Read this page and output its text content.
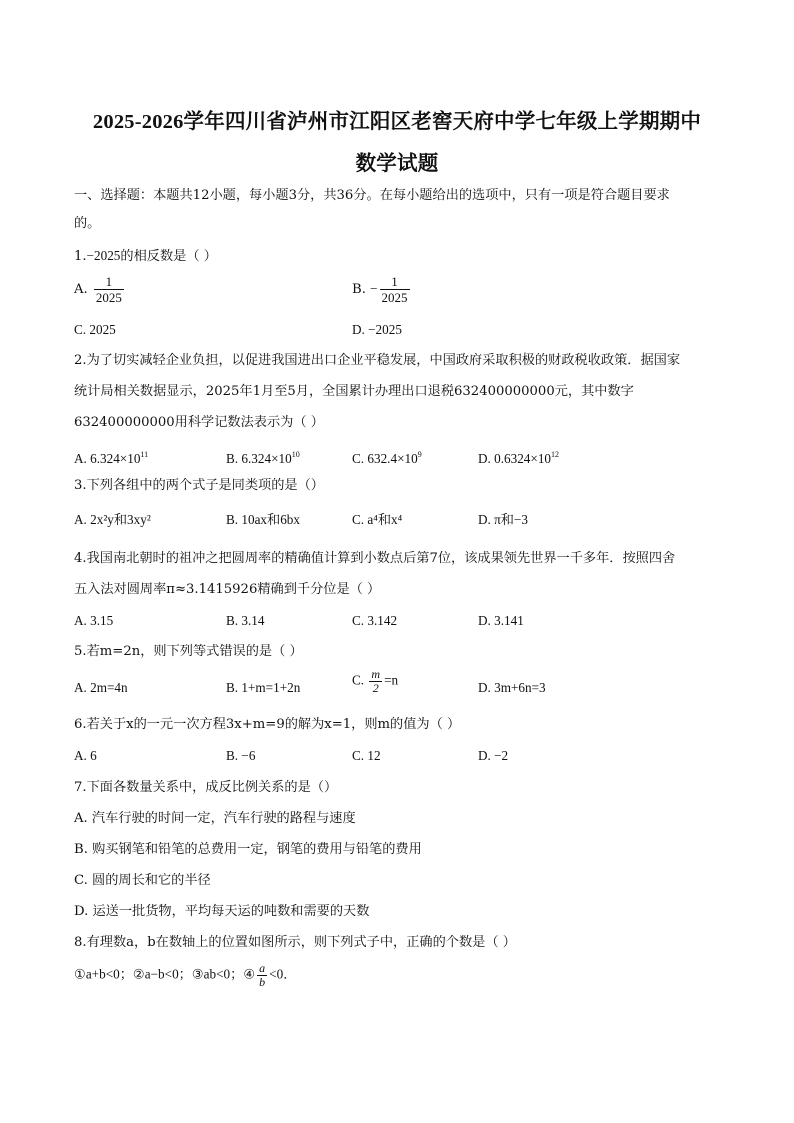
2025-2026学年四川省泸州市江阳区老窖天府中学七年级上学期期中
数学试题
一、选择题：本题共12小题，每小题3分，共36分。在每小题给出的选项中，只有一项是符合题目要求
的。
1.−2025的相反数是（ ）
A. $\frac{1}{2025}$	B. − $\frac{1}{2025}$
C. 2025	D. −2025
2.为了切实减轻企业负担，以促进我国进出口企业平稳发展，中国政府采取积极的财政税收政策．据国家
统计局相关数据显示，2025年1月至5月，全国累计办理出口退税632400000000元，其中数字
632400000000用科学记数法表示为（ ）
A. $6.324\times 10^{11}$	B. $6.324\times 10^{10}$	C. $632.4\times 10^9$	D. $0.6324\times 10^{12}$
3.下列各组中的两个式子是同类项的是（）
A. 2x²y和3xy²	B. 10ax和6bx	C. a⁴和x⁴	D. π和−3
4.我国南北朝时的祖冲之把圆周率的精确值计算到小数点后第7位，该成果领先世界一千多年．按照四舍
五入法对圆周率π≈3.1415926精确到千分位是（ ）
A. 3.15	B. 3.14	C. 3.142	D. 3.141
5.若m=2n，则下列等式错误的是（ ）
A. 2m=4n	B. 1+m=1+2n	C. $\frac{m}{2} =n$	D. 3m+6n=3
6.若关于x的一元一次方程3x+m=9的解为x=1，则m的值为（ ）
A. 6	B. −6	C. 12	D. −2
7.下面各数量关系中，成反比例关系的是（）
A. 汽车行驶的时间一定，汽车行驶的路程与速度
B. 购买钢笔和铅笔的总费用一定，钢笔的费用与铅笔的费用
C. 圆的周长和它的半径
D. 运送一批货物，平均每天运的吨数和需要的天数
8.有理数a，b在数轴上的位置如图所示，则下列式子中，正确的个数是（ ）
①a+b<0；②a−b<0；③ab<0；④ $\frac{a}{b} <0$．
